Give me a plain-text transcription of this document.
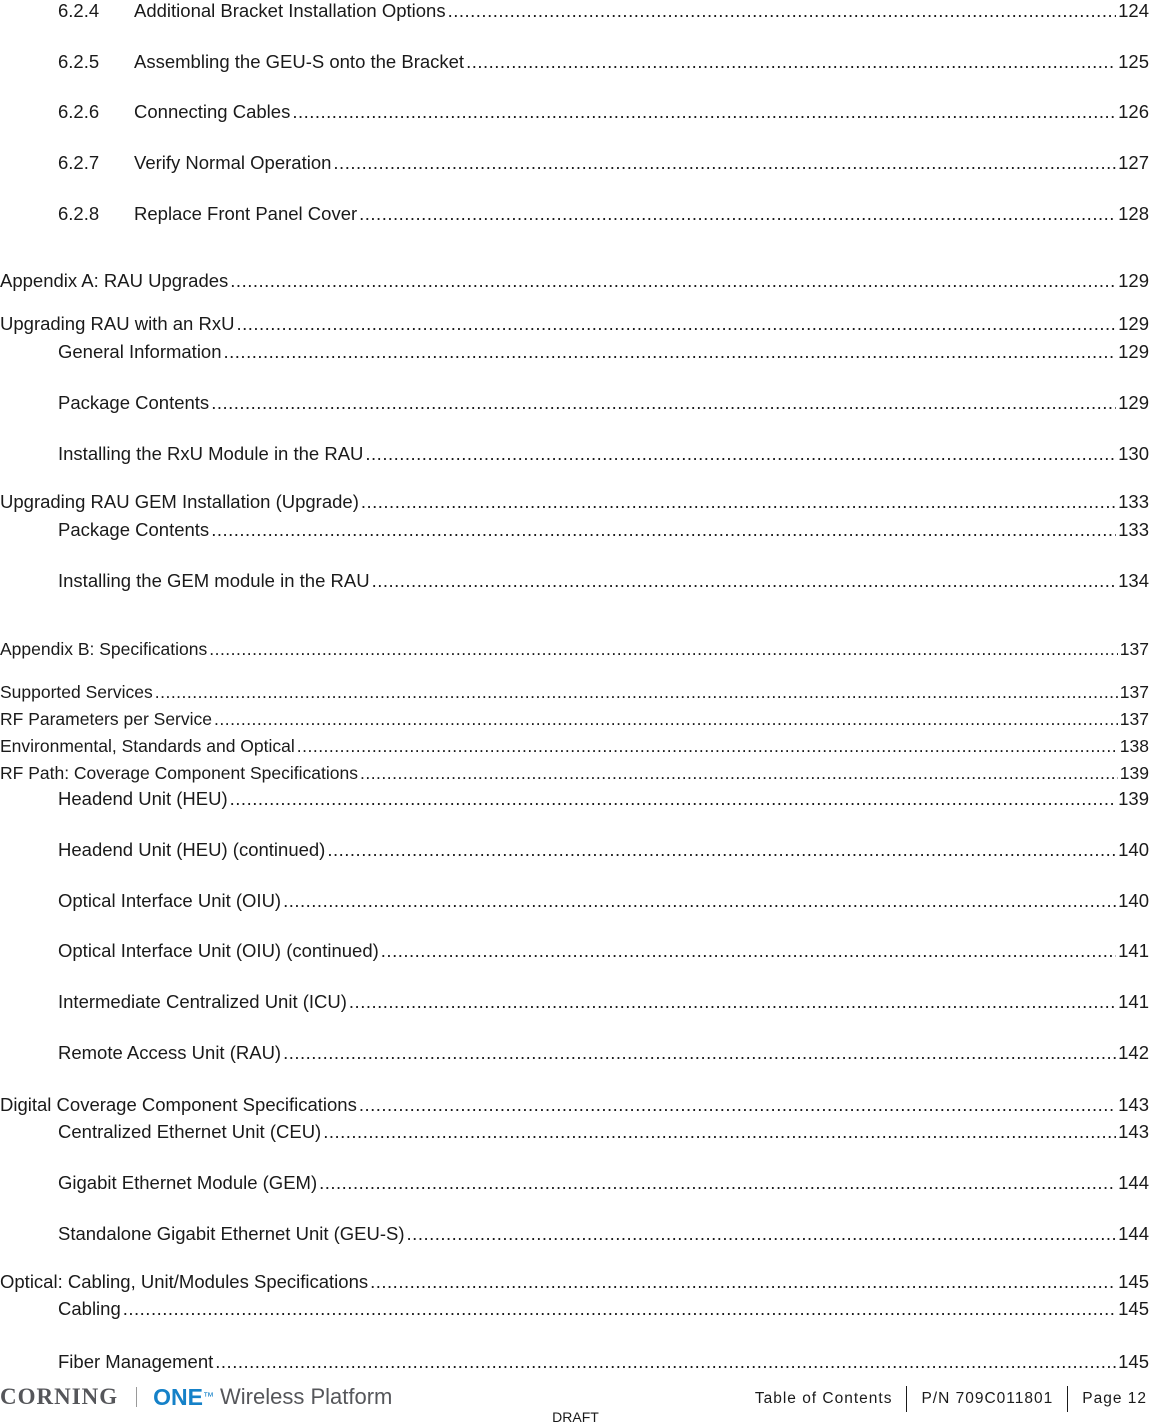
6.2.4	Additional Bracket Installation Options .....	124
6.2.5	Assembling the GEU-S onto the Bracket .....	125
6.2.6	Connecting Cables .....	126
6.2.7	Verify Normal Operation .....	127
6.2.8	Replace Front Panel Cover .....	128
Appendix A: RAU Upgrades .....	129
Upgrading RAU with an RxU .....	129
General Information .....	129
Package Contents .....	129
Installing the RxU Module in the RAU .....	130
Upgrading RAU GEM Installation (Upgrade) .....	133
Package Contents .....	133
Installing the GEM module in the RAU .....	134
Appendix B: Specifications .....	137
Supported Services .....	137
RF Parameters per Service .....	137
Environmental, Standards and Optical .....	138
RF Path: Coverage Component Specifications .....	139
Headend Unit (HEU) .....	139
Headend Unit (HEU) (continued) .....	140
Optical Interface Unit (OIU) .....	140
Optical Interface Unit (OIU) (continued) .....	141
Intermediate Centralized Unit (ICU) .....	141
Remote Access Unit (RAU) .....	142
Digital Coverage Component Specifications .....	143
Centralized Ethernet Unit (CEU) .....	143
Gigabit Ethernet Module (GEM) .....	144
Standalone Gigabit Ethernet Unit (GEU-S) .....	144
Optical: Cabling, Unit/Modules Specifications .....	145
Cabling .....	145
Fiber Management .....	145
CORNING ONE ™ Wireless Platform	Table of Contents	P/N 709C011801	Page 12
DRAFT
